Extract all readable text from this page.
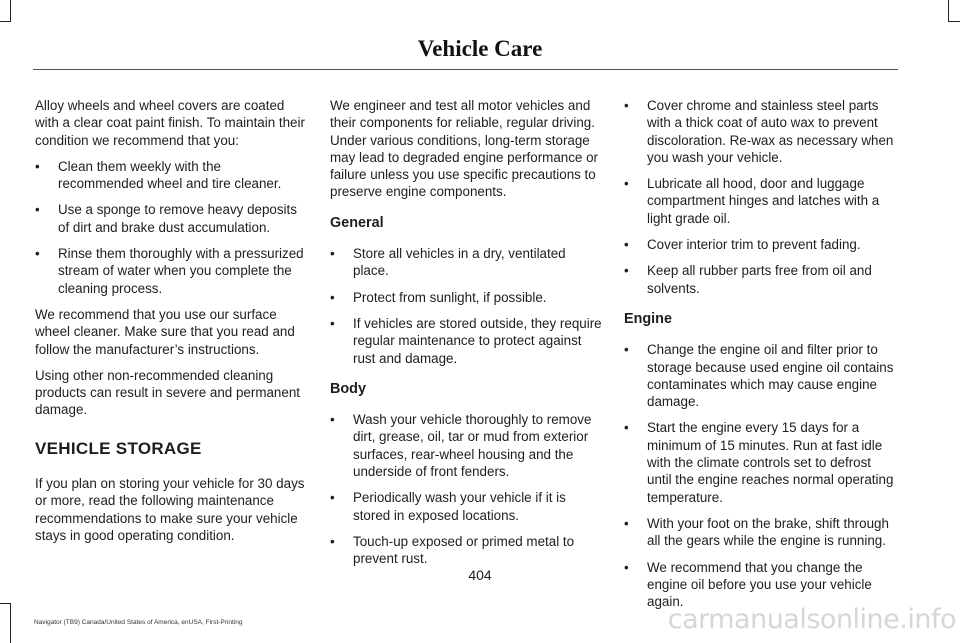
Vehicle Care

Alloy wheels and wheel covers are coated with a clear coat paint finish. To maintain their condition we recommend that you:

• Clean them weekly with the recommended wheel and tire cleaner.
• Use a sponge to remove heavy deposits of dirt and brake dust accumulation.
• Rinse them thoroughly with a pressurized stream of water when you complete the cleaning process.

We recommend that you use our surface wheel cleaner. Make sure that you read and follow the manufacturer’s instructions.

Using other non-recommended cleaning products can result in severe and permanent damage.

VEHICLE STORAGE

If you plan on storing your vehicle for 30 days or more, read the following maintenance recommendations to make sure your vehicle stays in good operating condition.

We engineer and test all motor vehicles and their components for reliable, regular driving. Under various conditions, long-term storage may lead to degraded engine performance or failure unless you use specific precautions to preserve engine components.

General
• Store all vehicles in a dry, ventilated place.
• Protect from sunlight, if possible.
• If vehicles are stored outside, they require regular maintenance to protect against rust and damage.
Body
• Wash your vehicle thoroughly to remove dirt, grease, oil, tar or mud from exterior surfaces, rear-wheel housing and the underside of front fenders.
• Periodically wash your vehicle if it is stored in exposed locations.
• Touch-up exposed or primed metal to prevent rust.
• Cover chrome and stainless steel parts with a thick coat of auto wax to prevent discoloration. Re-wax as necessary when you wash your vehicle.
• Lubricate all hood, door and luggage compartment hinges and latches with a light grade oil.
• Cover interior trim to prevent fading.
• Keep all rubber parts free from oil and solvents.
Engine
• Change the engine oil and filter prior to storage because used engine oil contains contaminates which may cause engine damage.
• Start the engine every 15 days for a minimum of 15 minutes. Run at fast idle with the climate controls set to defrost until the engine reaches normal operating temperature.
• With your foot on the brake, shift through all the gears while the engine is running.
• We recommend that you change the engine oil before you use your vehicle again.
404
Navigator (TB9) Canada/United States of America, enUSA, First-Printing	carmanualsonline.info
